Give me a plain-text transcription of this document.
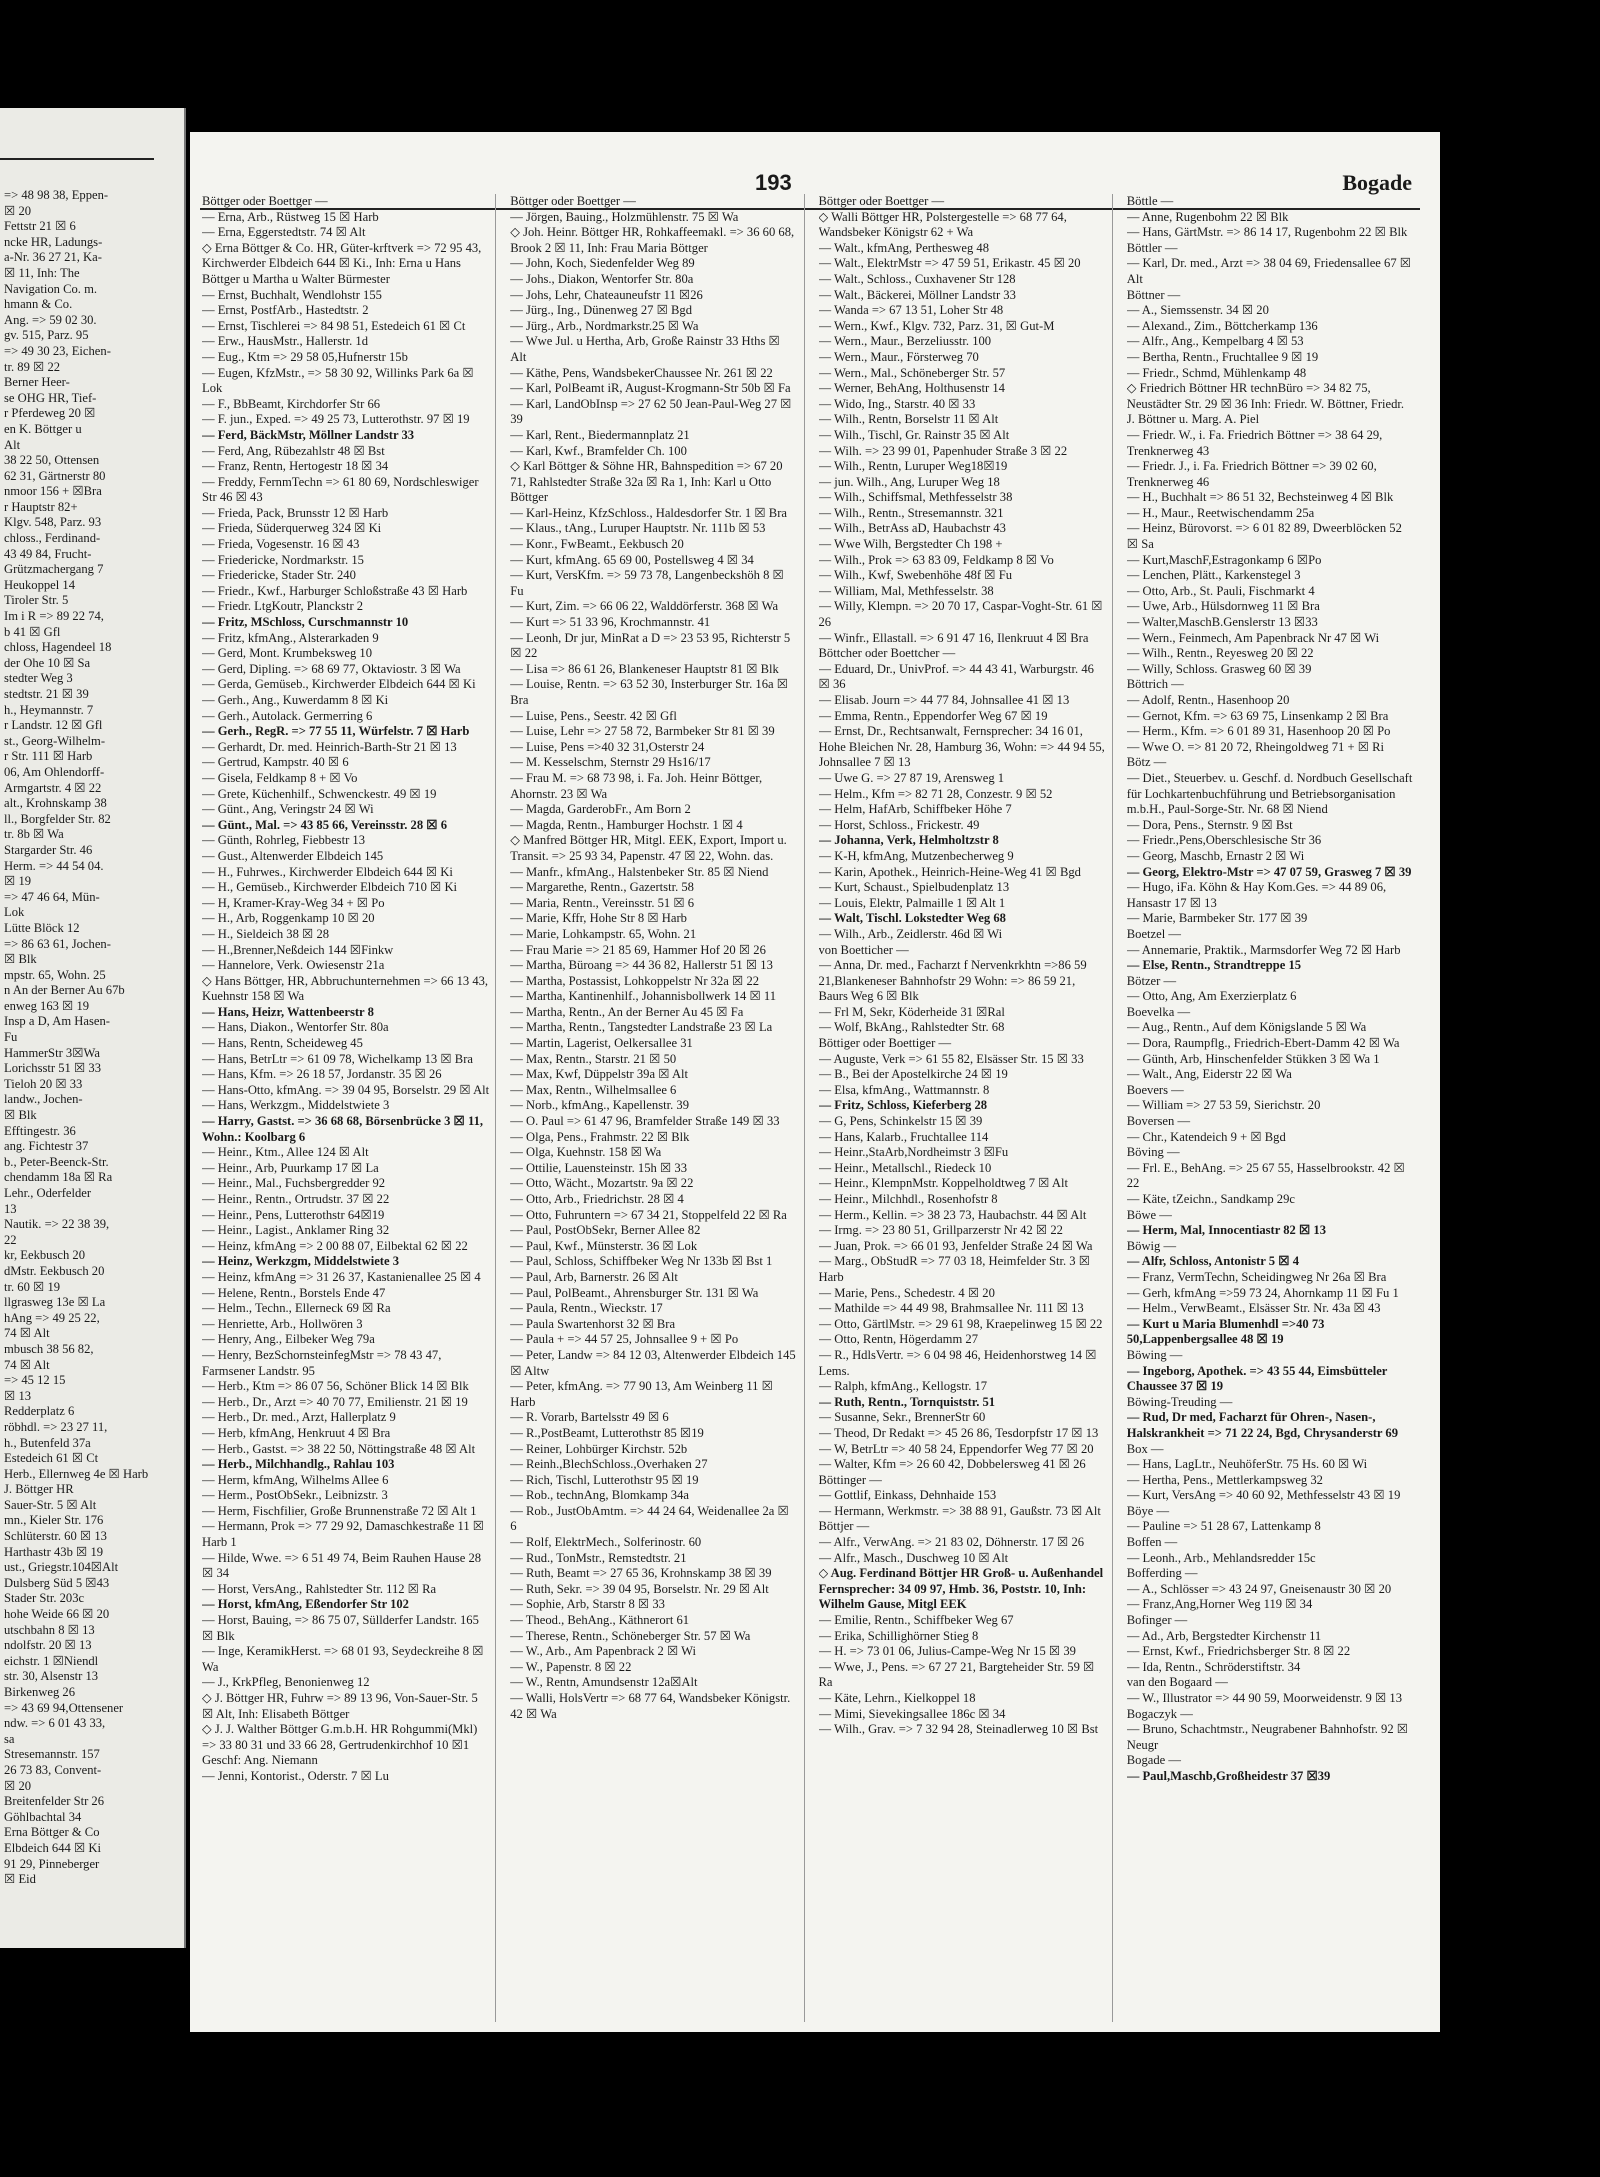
=> 48 98 38, Eppen-

☒ 20

Fettstr 21 ☒ 6

ncke HR, Ladungs-

a-Nr. 36 27 21, Ka-

☒ 11, Inh: The

Navigation Co. m.

hmann & Co.

Ang. => 59 02 30.

gv. 515, Parz. 95

=> 49 30 23, Eichen-

tr. 89 ☒ 22

Berner Heer-

se OHG HR, Tief-

r Pferdeweg 20 ☒

en K. Böttger u

Alt

38 22 50, Ottensen

62 31, Gärtnerstr 80

nmoor 156 + ☒Bra

r Hauptstr 82+

Klgv. 548, Parz. 93

chloss., Ferdinand-

43 49 84, Frucht-

Grützmachergang 7

Heukoppel 14

Tiroler Str. 5

Im i R => 89 22 74,

b 41 ☒ Gfl

chloss, Hagendeel 18

der Ohe 10 ☒ Sa

stedter Weg 3

stedtstr. 21 ☒ 39

h., Heymannstr. 7

r Landstr. 12 ☒ Gfl

st., Georg-Wilhelm-

r Str. 111 ☒ Harb

06, Am Ohlendorff-

Armgartstr. 4 ☒ 22

alt., Krohnskamp 38

ll., Borgfelder Str. 82

tr. 8b ☒ Wa

Stargarder Str. 46

Herm. => 44 54 04.

☒ 19

=> 47 46 64, Mün-

Lok

Lütte Blöck 12

=> 86 63 61, Jochen-

☒ Blk

mpstr. 65, Wohn. 25

n An der Berner Au 67b

enweg 163 ☒ 19

Insp a D, Am Hasen-

Fu

HammerStr 3☒Wa

Lorichsstr 51 ☒ 33

Tieloh 20 ☒ 33

landw., Jochen-

☒ Blk

Efftingestr. 36

ang. Fichtestr 37

b., Peter-Beenck-Str.

chendamm 18a ☒ Ra

Lehr., Oderfelder

13

Nautik. => 22 38 39,

22

kr, Eekbusch 20

dMstr. Eekbusch 20

tr. 60 ☒ 19

llgrasweg 13e ☒ La

hAng => 49 25 22,

74 ☒ Alt

mbusch 38 56 82,

74 ☒ Alt

=> 45 12 15

☒ 13

Redderplatz 6

röbhdl. => 23 27 11,

h., Butenfeld 37a

Estedeich 61 ☒ Ct

Herb., Ellernweg 4e ☒ Harb

J. Böttger HR

Sauer-Str. 5 ☒ Alt

mn., Kieler Str. 176

Schlüterstr. 60 ☒ 13

Harthastr 43b ☒ 19

ust., Griegstr.104☒Alt

Dulsberg Süd 5 ☒43

Stader Str. 203c

hohe Weide 66 ☒ 20

utschbahn 8 ☒ 13

ndolfstr. 20 ☒ 13

eichstr. 1 ☒Niendl

str. 30, Alsenstr 13

Birkenweg 26

=> 43 69 94,Ottensener

ndw. => 6 01 43 33,

sa

Stresemannstr. 157

26 73 83, Convent-

☒ 20

Breitenfelder Str 26

Göhlbachtal 34

Erna Böttger & Co

Elbdeich 644 ☒ Ki

91 29, Pinneberger

☒ Eid

193	Bogade

Böttger oder Boettger —

— Erna, Arb., Rüstweg 15 ☒ Harb

— Erna, Eggerstedtstr. 74 ☒ Alt

◇ Erna Böttger & Co. HR, Güter-krftverk => 72 95 43, Kirchwerder Elbdeich 644 ☒ Ki., Inh: Erna u Hans Böttger u Martha u Walter Bürmester

— Ernst, Buchhalt, Wendlohstr 155

— Ernst, PostfArb., Hastedtstr. 2

— Ernst, Tischlerei => 84 98 51, Estedeich 61 ☒ Ct

— Erw., HausMstr., Hallerstr. 1d

— Eug., Ktm => 29 58 05,Hufnerstr 15b

— Eugen, KfzMstr., => 58 30 92, Willinks Park 6a ☒ Lok

— F., BbBeamt, Kirchdorfer Str 66

— F. jun., Exped. => 49 25 73, Lutterothstr. 97 ☒ 19

— Ferd, BäckMstr, Möllner Landstr 33

— Ferd, Ang, Rübezahlstr 48 ☒ Bst

— Franz, Rentn, Hertogestr 18 ☒ 34

— Freddy, FernmTechn => 61 80 69, Nordschleswiger Str 46 ☒ 43

— Frieda, Pack, Brunsstr 12 ☒ Harb

— Frieda, Süderquerweg 324 ☒ Ki

— Frieda, Vogesenstr. 16 ☒ 43

— Friedericke, Nordmarkstr. 15

— Friedericke, Stader Str. 240

— Friedr., Kwf., Harburger Schloßstraße 43 ☒ Harb

— Friedr. LtgKoutr, Planckstr 2

— Fritz, MSchloss, Curschmannstr 10

— Fritz, kfmAng., Alsterarkaden 9

— Gerd, Mont. Krumbeksweg 10

— Gerd, Dipling. => 68 69 77, Oktaviostr. 3 ☒ Wa

— Gerda, Gemüseb., Kirchwerder Elbdeich 644 ☒ Ki

— Gerh., Ang., Kuwerdamm 8 ☒ Ki

— Gerh., Autolack. Germerring 6

— Gerh., RegR. => 77 55 11, Würfelstr. 7 ☒ Harb

— Gerhardt, Dr. med. Heinrich-Barth-Str 21 ☒ 13

— Gertrud, Kampstr. 40 ☒ 6

— Gisela, Feldkamp 8 + ☒ Vo

— Grete, Küchenhilf., Schwenckestr. 49 ☒ 19

— Günt., Ang, Veringstr 24 ☒ Wi

— Günt., Mal. => 43 85 66, Vereinsstr. 28 ☒ 6

— Günth, Rohrleg, Fiebbestr 13

— Gust., Altenwerder Elbdeich 145

— H., Fuhrwes., Kirchwerder Elbdeich 644 ☒ Ki

— H., Gemüseb., Kirchwerder Elbdeich 710 ☒ Ki

— H, Kramer-Kray-Weg 34 + ☒ Po

— H., Arb, Roggenkamp 10 ☒ 20

— H., Sieldeich 38 ☒ 28

— H.,Brenner,Neßdeich 144 ☒Finkw

— Hannelore, Verk. Owiesenstr 21a

◇ Hans Böttger, HR, Abbruchunternehmen => 66 13 43, Kuehnstr 158 ☒ Wa

— Hans, Heizr, Wattenbeerstr 8

— Hans, Diakon., Wentorfer Str. 80a

— Hans, Rentn, Scheideweg 45

— Hans, BetrLtr => 61 09 78, Wichelkamp 13 ☒ Bra

— Hans, Kfm. => 26 18 57, Jordanstr. 35 ☒ 26

— Hans-Otto, kfmAng. => 39 04 95, Borselstr. 29 ☒ Alt

— Hans, Werkzgm., Middelstwiete 3

— Harry, Gastst. => 36 68 68, Börsenbrücke 3 ☒ 11, Wohn.: Koolbarg 6

— Heinr., Ktm., Allee 124 ☒ Alt

— Heinr., Arb, Puurkamp 17 ☒ La

— Heinr., Mal., Fuchsbergredder 92

— Heinr., Rentn., Ortrudstr. 37 ☒ 22

— Heinr., Pens, Lutterothstr 64☒19

— Heinr., Lagist., Anklamer Ring 32

— Heinz, kfmAng => 2 00 88 07, Eilbektal 62 ☒ 22

— Heinz, Werkzgm, Middelstwiete 3

— Heinz, kfmAng => 31 26 37, Kastanienallee 25 ☒ 4

— Helene, Rentn., Borstels Ende 47

— Helm., Techn., Ellerneck 69 ☒ Ra

— Henriette, Arb., Hollwören 3

— Henry, Ang., Eilbeker Weg 79a

— Henry, BezSchornsteinfegMstr => 78 43 47, Farmsener Landstr. 95

— Herb., Ktm => 86 07 56, Schöner Blick 14 ☒ Blk

— Herb., Dr., Arzt => 40 70 77, Emilienstr. 21 ☒ 19

— Herb., Dr. med., Arzt, Hallerplatz 9

— Herb, kfmAng, Henkruut 4 ☒ Bra

— Herb., Gastst. => 38 22 50, Nöttingstraße 48 ☒ Alt

— Herb., Milchhandlg., Rahlau 103

— Herm, kfmAng, Wilhelms Allee 6

— Herm., PostObSekr., Leibnizstr. 3

— Herm, Fischfilier, Große Brunnenstraße 72 ☒ Alt 1

— Hermann, Prok => 77 29 92, Damaschkestraße 11 ☒ Harb 1

— Hilde, Wwe. => 6 51 49 74, Beim Rauhen Hause 28 ☒ 34

— Horst, VersAng., Rahlstedter Str. 112 ☒ Ra

— Horst, kfmAng, Eßendorfer Str 102

— Horst, Bauing, => 86 75 07, Süllderfer Landstr. 165 ☒ Blk

— Inge, KeramikHerst. => 68 01 93, Seydeckreihe 8 ☒ Wa

— J., KrkPfleg, Benonienweg 12

◇ J. Böttger HR, Fuhrw => 89 13 96, Von-Sauer-Str. 5 ☒ Alt, Inh: Elisabeth Böttger

◇ J. J. Walther Böttger G.m.b.H. HR Rohgummi(Mkl) => 33 80 31 und 33 66 28, Gertrudenkirchhof 10 ☒1 Geschf: Ang. Niemann

— Jenni, Kontorist., Oderstr. 7 ☒ Lu

Böttger oder Boettger —

— Jörgen, Bauing., Holzmühlenstr. 75 ☒ Wa

◇ Joh. Heinr. Böttger HR, Rohkaffeemakl. => 36 60 68, Brook 2 ☒ 11, Inh: Frau Maria Böttger

— John, Koch, Siedenfelder Weg 89

— Johs., Diakon, Wentorfer Str. 80a

— Johs, Lehr, Chateauneufstr 11 ☒26

— Jürg., Ing., Dünenweg 27 ☒ Bgd

— Jürg., Arb., Nordmarkstr.25 ☒ Wa

— Wwe Jul. u Hertha, Arb, Große Rainstr 33 Hths ☒ Alt

— Käthe, Pens, WandsbekerChaussee Nr. 261 ☒ 22

— Karl, PolBeamt iR, August-Krogmann-Str 50b ☒ Fa

— Karl, LandObInsp => 27 62 50 Jean-Paul-Weg 27 ☒ 39

— Karl, Rent., Biedermannplatz 21

— Karl, Kwf., Bramfelder Ch. 100

◇ Karl Böttger & Söhne HR, Bahnspedition => 67 20 71, Rahlstedter Straße 32a ☒ Ra 1, Inh: Karl u Otto Böttger

— Karl-Heinz, KfzSchloss., Haldesdorfer Str. 1 ☒ Bra

— Klaus., tAng., Luruper Hauptstr. Nr. 111b ☒ 53

— Konr., FwBeamt., Eekbusch 20

— Kurt, kfmAng. 65 69 00, Postellsweg 4 ☒ 34

— Kurt, VersKfm. => 59 73 78, Langenbeckshöh 8 ☒ Fu

— Kurt, Zim. => 66 06 22, Walddörferstr. 368 ☒ Wa

— Kurt => 51 33 96, Krochmannstr. 41

— Leonh, Dr jur, MinRat a D => 23 53 95, Richterstr 5 ☒ 22

— Lisa => 86 61 26, Blankeneser Hauptstr 81 ☒ Blk

— Louise, Rentn. => 63 52 30, Insterburger Str. 16a ☒ Bra

— Luise, Pens., Seestr. 42 ☒ Gfl

— Luise, Lehr => 27 58 72, Barmbeker Str 81 ☒ 39

— Luise, Pens =>40 32 31,Osterstr 24

— M. Kesselschm, Sternstr 29 Hs16/17

— Frau M. => 68 73 98, i. Fa. Joh. Heinr Böttger, Ahornstr. 23 ☒ Wa

— Magda, GarderobFr., Am Born 2

— Magda, Rentn., Hamburger Hochstr. 1 ☒ 4

◇ Manfred Böttger HR, Mitgl. EEK, Export, Import u. Transit. => 25 93 34, Papenstr. 47 ☒ 22, Wohn. das.

— Manfr., kfmAng., Halstenbeker Str. 85 ☒ Niend

— Margarethe, Rentn., Gazertstr. 58

— Maria, Rentn., Vereinsstr. 51 ☒ 6

— Marie, Kffr, Hohe Str 8 ☒ Harb

— Marie, Lohkampstr. 65, Wohn. 21

— Frau Marie => 21 85 69, Hammer Hof 20 ☒ 26

— Martha, Büroang => 44 36 82, Hallerstr 51 ☒ 13

— Martha, Postassist, Lohkoppelstr Nr 32a ☒ 22

— Martha, Kantinenhilf., Johannisbollwerk 14 ☒ 11

— Martha, Rentn., An der Berner Au 45 ☒ Fa

— Martha, Rentn., Tangstedter Landstraße 23 ☒ La

— Martin, Lagerist, Oelkersallee 31

— Max, Rentn., Starstr. 21 ☒ 50

— Max, Kwf, Düppelstr 39a ☒ Alt

— Max, Rentn., Wilhelmsallee 6

— Norb., kfmAng., Kapellenstr. 39

— O. Paul => 61 47 96, Bramfelder Straße 149 ☒ 33

— Olga, Pens., Frahmstr. 22 ☒ Blk

— Olga, Kuehnstr. 158 ☒ Wa

— Ottilie, Lauensteinstr. 15h ☒ 33

— Otto, Wächt., Mozartstr. 9a ☒ 22

— Otto, Arb., Friedrichstr. 28 ☒ 4

— Otto, Fuhruntern => 67 34 21, Stoppelfeld 22 ☒ Ra

— Paul, PostObSekr, Berner Allee 82

— Paul, Kwf., Münsterstr. 36 ☒ Lok

— Paul, Schloss, Schiffbeker Weg Nr 133b ☒ Bst 1

— Paul, Arb, Barnerstr. 26 ☒ Alt

— Paul, PolBeamt., Ahrensburger Str. 131 ☒ Wa

— Paula, Rentn., Wieckstr. 17

— Paula Swartenhorst 32 ☒ Bra

— Paula + => 44 57 25, Johnsallee 9 + ☒ Po

— Peter, Landw => 84 12 03, Altenwerder Elbdeich 145 ☒ Altw

— Peter, kfmAng. => 77 90 13, Am Weinberg 11 ☒ Harb

— R. Vorarb, Bartelsstr 49 ☒ 6

— R.,PostBeamt, Lutterothstr 85 ☒19

— Reiner, Lohbürger Kirchstr. 52b

— Reinh.,BlechSchloss.,Overhaken 27

— Rich, Tischl, Lutterothstr 95 ☒ 19

— Rob., technAng, Blomkamp 34a

— Rob., JustObAmtm. => 44 24 64, Weidenallee 2a ☒ 6

— Rolf, ElektrMech., Solferinostr. 60

— Rud., TonMstr., Remstedtstr. 21

— Ruth, Beamt => 27 65 36, Krohnskamp 38 ☒ 39

— Ruth, Sekr. => 39 04 95, Borselstr. Nr. 29 ☒ Alt

— Sophie, Arb, Starstr 8 ☒ 33

— Theod., BehAng., Käthnerort 61

— Therese, Rentn., Schöneberger Str. 57 ☒ Wa

— W., Arb., Am Papenbrack 2 ☒ Wi

— W., Papenstr. 8 ☒ 22

— W., Rentn, Amundsenstr 12a☒Alt

— Walli, HolsVertr => 68 77 64, Wandsbeker Königstr. 42 ☒ Wa

Böttger oder Boettger —

◇ Walli Böttger HR, Polstergestelle => 68 77 64, Wandsbeker Königstr 62 + Wa

— Walt., kfmAng, Perthesweg 48

— Walt., ElektrMstr => 47 59 51, Erikastr. 45 ☒ 20

— Walt., Schloss., Cuxhavener Str 128

— Walt., Bäckerei, Möllner Landstr 33

— Wanda => 67 13 51, Loher Str 48

— Wern., Kwf., Klgv. 732, Parz. 31, ☒ Gut-M

— Wern., Maur., Berzeliusstr. 100

— Wern., Maur., Försterweg 70

— Wern., Mal., Schöneberger Str. 57

— Werner, BehAng, Holthusenstr 14

— Wido, Ing., Starstr. 40 ☒ 33

— Wilh., Rentn, Borselstr 11 ☒ Alt

— Wilh., Tischl, Gr. Rainstr 35 ☒ Alt

— Wilh. => 23 99 01, Papenhuder Straße 3 ☒ 22

— Wilh., Rentn, Luruper Weg18☒19

— jun. Wilh., Ang, Luruper Weg 18

— Wilh., Schiffsmal, Methfesselstr 38

— Wilh., Rentn., Stresemannstr. 321

— Wilh., BetrAss aD, Haubachstr 43

— Wwe Wilh, Bergstedter Ch 198 +

— Wilh., Prok => 63 83 09, Feldkamp 8 ☒ Vo

— Wilh., Kwf, Swebenhöhe 48f ☒ Fu

— William, Mal, Methfesselstr. 38

— Willy, Klempn. => 20 70 17, Caspar-Voght-Str. 61 ☒ 26

— Winfr., Ellastall. => 6 91 47 16, Ilenkruut 4 ☒ Bra

Böttcher oder Boettcher —

— Eduard, Dr., UnivProf. => 44 43 41, Warburgstr. 46 ☒ 36

— Elisab. Journ => 44 77 84, Johnsallee 41 ☒ 13

— Emma, Rentn., Eppendorfer Weg 67 ☒ 19

— Ernst, Dr., Rechtsanwalt, Fernsprecher: 34 16 01, Hohe Bleichen Nr. 28, Hamburg 36, Wohn: => 44 94 55, Johnsallee 7 ☒ 13

— Uwe G. => 27 87 19, Arensweg 1

— Helm., Kfm => 82 71 28, Conzestr. 9 ☒ 52

— Helm, HafArb, Schiffbeker Höhe 7

— Horst, Schloss., Frickestr. 49

— Johanna, Verk, Helmholtzstr 8

— K-H, kfmAng, Mutzenbecherweg 9

— Karin, Apothek., Heinrich-Heine-Weg 41 ☒ Bgd

— Kurt, Schaust., Spielbudenplatz 13

— Louis, Elektr, Palmaille 1 ☒ Alt 1

— Walt, Tischl. Lokstedter Weg 68

— Wilh., Arb., Zeidlerstr. 46d ☒ Wi

von Boetticher —

— Anna, Dr. med., Facharzt f Nervenkrkhtn =>86 59 21,Blankeneser Bahnhofstr 29 Wohn: => 86 59 21, Baurs Weg 6 ☒ Blk

— Frl M, Sekr, Köderheide 31 ☒Ral

— Wolf, BkAng., Rahlstedter Str. 68

Böttiger oder Boettiger —

— Auguste, Verk => 61 55 82, Elsässer Str. 15 ☒ 33

— B., Bei der Apostelkirche 24 ☒ 19

— Elsa, kfmAng., Wattmannstr. 8

— Fritz, Schloss, Kieferberg 28

— G, Pens, Schinkelstr 15 ☒ 39

— Hans, Kalarb., Fruchtallee 114

— Heinr.,StaArb,Nordheimstr 3 ☒Fu

— Heinr., Metallschl., Riedeck 10

— Heinr., KlempnMstr. Koppelholdtweg 7 ☒ Alt

— Heinr., Milchhdl., Rosenhofstr 8

— Herm., Kellin. => 38 23 73, Haubachstr. 44 ☒ Alt

— Irmg. => 23 80 51, Grillparzerstr Nr 42 ☒ 22

— Juan, Prok. => 66 01 93, Jenfelder Straße 24 ☒ Wa

— Marg., ObStudR => 77 03 18, Heimfelder Str. 3 ☒ Harb

— Marie, Pens., Schedestr. 4 ☒ 20

— Mathilde => 44 49 98, Brahmsallee Nr. 111 ☒ 13

— Otto, GärtlMstr. => 29 61 98, Kraepelinweg 15 ☒ 22

— Otto, Rentn, Högerdamm 27

— R., HdlsVertr. => 6 04 98 46, Heidenhorstweg 14 ☒ Lems.

— Ralph, kfmAng., Kellogstr. 17

— Ruth, Rentn., Tornquiststr. 51

— Susanne, Sekr., BrennerStr 60

— Theod, Dr Redakt => 45 26 86, Tesdorpfstr 17 ☒ 13

— W, BetrLtr => 40 58 24, Eppendorfer Weg 77 ☒ 20

— Walter, Kfm => 26 60 42, Dobbelersweg 41 ☒ 26

Böttinger —

— Gottlif, Einkass, Dehnhaide 153

— Hermann, Werkmstr. => 38 88 91, Gaußstr. 73 ☒ Alt

Böttjer —

— Alfr., VerwAng. => 21 83 02, Döhnerstr. 17 ☒ 26

— Alfr., Masch., Duschweg 10 ☒ Alt

◇ Aug. Ferdinand Böttjer HR Groß- u. Außenhandel Fernsprecher: 34 09 97, Hmb. 36, Poststr. 10, Inh: Wilhelm Gause, Mitgl EEK

— Emilie, Rentn., Schiffbeker Weg 67

— Erika, Schillighörner Stieg 8

— H. => 73 01 06, Julius-Campe-Weg Nr 15 ☒ 39

— Wwe, J., Pens. => 67 27 21, Bargteheider Str. 59 ☒ Ra

— Käte, Lehrn., Kielkoppel 18

— Mimi, Sievekingsallee 186c ☒ 34

— Wilh., Grav. => 7 32 94 28, Steinadlerweg 10 ☒ Bst

Böttle —

— Anne, Rugenbohm 22 ☒ Blk

— Hans, GärtMstr. => 86 14 17, Rugenbohm 22 ☒ Blk

Böttler —

— Karl, Dr. med., Arzt => 38 04 69, Friedensallee 67 ☒ Alt

Böttner —

— A., Siemssenstr. 34 ☒ 20

— Alexand., Zim., Böttcherkamp 136

— Alfr., Ang., Kempelbarg 4 ☒ 53

— Bertha, Rentn., Fruchtallee 9 ☒ 19

— Friedr., Schmd, Mühlenkamp 48

◇ Friedrich Böttner HR technBüro => 34 82 75, Neustädter Str. 29 ☒ 36 Inh: Friedr. W. Böttner, Friedr. J. Böttner u. Marg. A. Piel

— Friedr. W., i. Fa. Friedrich Böttner => 38 64 29, Trenknerweg 43

— Friedr. J., i. Fa. Friedrich Böttner => 39 02 60, Trenknerweg 46

— H., Buchhalt => 86 51 32, Bechsteinweg 4 ☒ Blk

— H., Maur., Reetwischendamm 25a

— Heinz, Bürovorst. => 6 01 82 89, Dweerblöcken 52 ☒ Sa

— Kurt,MaschF,Estragonkamp 6 ☒Po

— Lenchen, Plätt., Karkenstegel 3

— Otto, Arb., St. Pauli, Fischmarkt 4

— Uwe, Arb., Hülsdornweg 11 ☒ Bra

— Walter,MaschB.Genslerstr 13 ☒33

— Wern., Feinmech, Am Papenbrack Nr 47 ☒ Wi

— Wilh., Rentn., Reyesweg 20 ☒ 22

— Willy, Schloss. Grasweg 60 ☒ 39

Böttrich —

— Adolf, Rentn., Hasenhoop 20

— Gernot, Kfm. => 63 69 75, Linsenkamp 2 ☒ Bra

— Herm., Kfm. => 6 01 89 31, Hasenhoop 20 ☒ Po

— Wwe O. => 81 20 72, Rheingoldweg 71 + ☒ Ri

Bötz —

— Diet., Steuerbev. u. Geschf. d. Nordbuch Gesellschaft für Lochkartenbuchführung und Betriebsorganisation m.b.H., Paul-Sorge-Str. Nr. 68 ☒ Niend

— Dora, Pens., Sternstr. 9 ☒ Bst

— Friedr.,Pens,Oberschlesische Str 36

— Georg, Maschb, Ernastr 2 ☒ Wi

— Georg, Elektro-Mstr => 47 07 59, Grasweg 7 ☒ 39

— Hugo, iFa. Köhn & Hay Kom.Ges. => 44 89 06, Hansastr 17 ☒ 13

— Marie, Barmbeker Str. 177 ☒ 39

Boetzel —

— Annemarie, Praktik., Marmsdorfer Weg 72 ☒ Harb

— Else, Rentn., Strandtreppe 15

Bötzer —

— Otto, Ang, Am Exerzierplatz 6

Boevelka —

— Aug., Rentn., Auf dem Königslande 5 ☒ Wa

— Dora, Raumpflg., Friedrich-Ebert-Damm 42 ☒ Wa

— Günth, Arb, Hinschenfelder Stükken 3 ☒ Wa 1

— Walt., Ang, Eiderstr 22 ☒ Wa

Boevers —

— William => 27 53 59, Sierichstr. 20

Boversen —

— Chr., Katendeich 9 + ☒ Bgd

Böving —

— Frl. E., BehAng. => 25 67 55, Hasselbrookstr. 42 ☒ 22

— Käte, tZeichn., Sandkamp 29c

Böwe —

— Herm, Mal, Innocentiastr 82 ☒ 13

Böwig —

— Alfr, Schloss, Antonistr 5 ☒ 4

— Franz, VermTechn, Scheidingweg Nr 26a ☒ Bra

— Gerh, kfmAng =>59 73 24, Ahornkamp 11 ☒ Fu 1

— Helm., VerwBeamt., Elsässer Str. Nr. 43a ☒ 43

— Kurt u Maria Blumenhdl =>40 73 50,Lappenbergsallee 48 ☒ 19

Böwing —

— Ingeborg, Apothek. => 43 55 44, Eimsbütteler Chaussee 37 ☒ 19

Böwing-Treuding —

— Rud, Dr med, Facharzt für Ohren-, Nasen-, Halskrankheit => 71 22 24, Bgd, Chrysanderstr 69

Box —

— Hans, LagLtr., NeuhöferStr. 75 Hs. 60 ☒ Wi

— Hertha, Pens., Mettlerkampsweg 32

— Kurt, VersAng => 40 60 92, Methfesselstr 43 ☒ 19

Böye —

— Pauline => 51 28 67, Lattenkamp 8

Boffen —

— Leonh., Arb., Mehlandsredder 15c

Bofferding —

— A., Schlösser => 43 24 97, Gneisenaustr 30 ☒ 20

— Franz,Ang,Horner Weg 119 ☒ 34

Bofinger —

— Ad., Arb, Bergstedter Kirchenstr 11

— Ernst, Kwf., Friedrichsberger Str. 8 ☒ 22

— Ida, Rentn., Schröderstiftstr. 34

van den Bogaard —

— W., Illustrator => 44 90 59, Moorweidenstr. 9 ☒ 13

Bogaczyk —

— Bruno, Schachtmstr., Neugrabener Bahnhofstr. 92 ☒ Neugr

Bogade —

— Paul,Maschb,Großheidestr 37 ☒39
